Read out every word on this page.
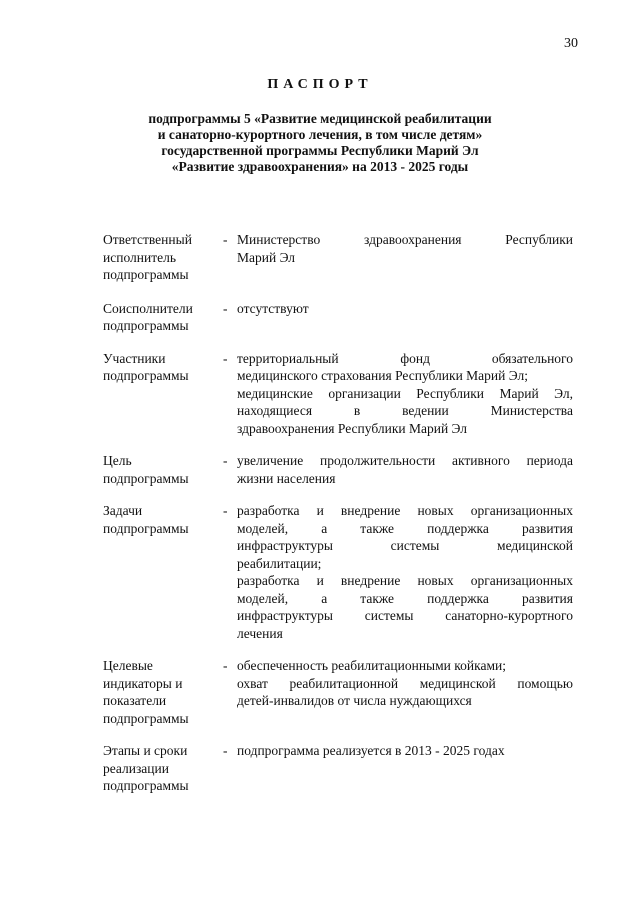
30
ПАСПОРТ
подпрограммы 5 «Развитие медицинской реабилитации
и санаторно-курортного лечения, в том числе детям»
государственной программы Республики Марий Эл
«Развитие здравоохранения» на 2013 - 2025 годы
Ответственный
исполнитель
подпрограммы
- Министерство здравоохранения Республики
Марий Эл
Соисполнители
подпрограммы
- отсутствуют
Участники
подпрограммы
- территориальный фонд обязательного
медицинского страхования Республики Марий Эл;
медицинские организации Республики Марий Эл,
находящиеся в ведении Министерства
здравоохранения Республики Марий Эл
Цель
подпрограммы
- увеличение продолжительности активного периода
жизни населения
Задачи
подпрограммы
- разработка и внедрение новых организационных
моделей, а также поддержка развития
инфраструктуры системы медицинской
реабилитации;
разработка и внедрение новых организационных
моделей, а также поддержка развития
инфраструктуры системы санаторно-курортного
лечения
Целевые
индикаторы и
показатели
подпрограммы
- обеспеченность реабилитационными койками;
охват реабилитационной медицинской помощью
детей-инвалидов от числа нуждающихся
Этапы и сроки
реализации
подпрограммы
- подпрограмма реализуется в 2013 - 2025 годах
